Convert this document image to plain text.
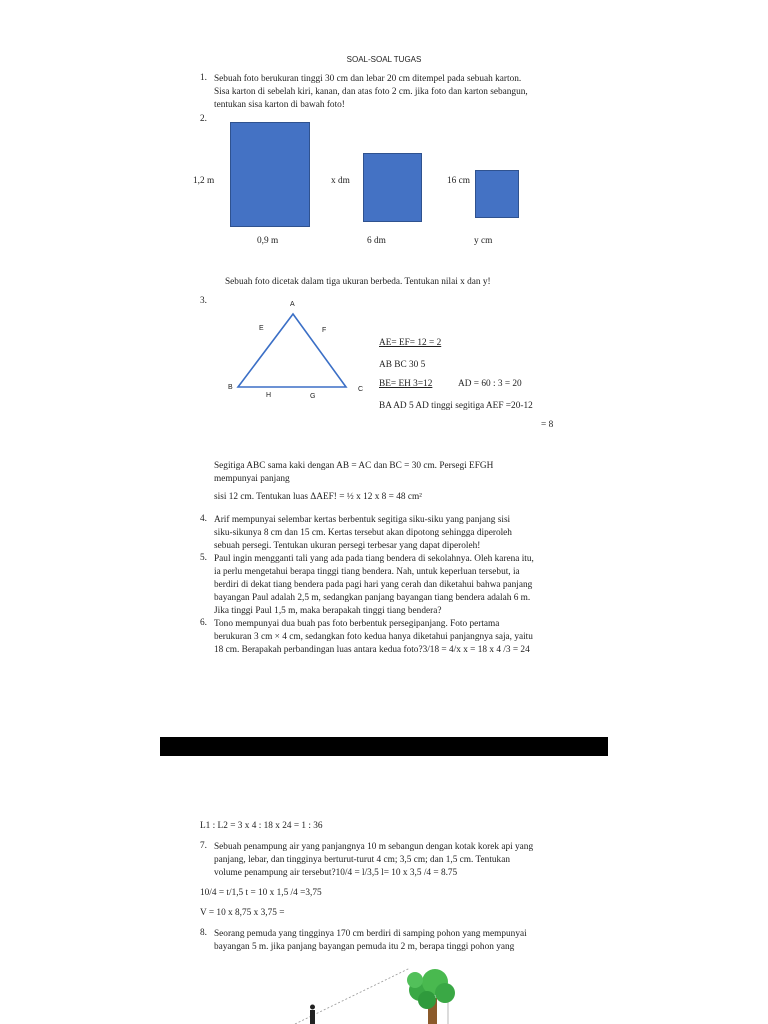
SOAL-SOAL TUGAS
1. Sebuah foto berukuran tinggi 30 cm dan lebar 20 cm ditempel pada sebuah karton.
Sisa karton di sebelah kiri, kanan, dan atas foto 2 cm. jika foto dan karton sebangun,
tentukan sisa karton di bawah foto!
2.
1,2 m	x dm	16 cm
0,9 m	6 dm	y cm
Sebuah foto dicetak dalam tiga ukuran berbeda. Tentukan nilai x dan y!
3.	A
E	F
B	C
H	G
AE= EF= 12 = 2
AB BC 30 5
BE= EH 3=12	AD = 60 : 3 = 20
BA AD 5 AD tinggi segitiga AEF =20-12
= 8
Segitiga ABC sama kaki dengan AB = AC dan BC = 30 cm. Persegi EFGH
mempunyai panjang
sisi 12 cm. Tentukan luas ΔAEF! = ½ x 12 x 8 = 48 cm²
4. Arif mempunyai selembar kertas berbentuk segitiga siku-siku yang panjang sisi
siku-sikunya 8 cm dan 15 cm. Kertas tersebut akan dipotong sehingga diperoleh
sebuah persegi. Tentukan ukuran persegi terbesar yang dapat diperoleh!
5. Paul ingin mengganti tali yang ada pada tiang bendera di sekolahnya. Oleh karena itu,
ia perlu mengetahui berapa tinggi tiang bendera. Nah, untuk keperluan tersebut, ia
berdiri di dekat tiang bendera pada pagi hari yang cerah dan diketahui bahwa panjang
bayangan Paul adalah 2,5 m, sedangkan panjang bayangan tiang bendera adalah 6 m.
Jika tinggi Paul 1,5 m, maka berapakah tinggi tiang bendera?
6. Tono mempunyai dua buah pas foto berbentuk persegipanjang. Foto pertama
berukuran 3 cm × 4 cm, sedangkan foto kedua hanya diketahui panjangnya saja, yaitu
18 cm. Berapakah perbandingan luas antara kedua foto?3/18 = 4/x x = 18 x 4 /3 = 24
L1 : L2 = 3 x 4 : 18 x 24 = 1 : 36
7. Sebuah penampung air yang panjangnya 10 m sebangun dengan kotak korek api yang
panjang, lebar, dan tingginya berturut-turut 4 cm; 3,5 cm; dan 1,5 cm. Tentukan
volume penampung air tersebut?10/4 = l/3,5 l= 10 x 3,5 /4 = 8.75
10/4 = t/1,5 t = 10 x 1,5 /4 =3,75
V = 10 x 8,75 x 3,75 =
8. Seorang pemuda yang tingginya 170 cm berdiri di samping pohon yang mempunyai
bayangan 5 m. jika panjang bayangan pemuda itu 2 m, berapa tinggi pohon yang
